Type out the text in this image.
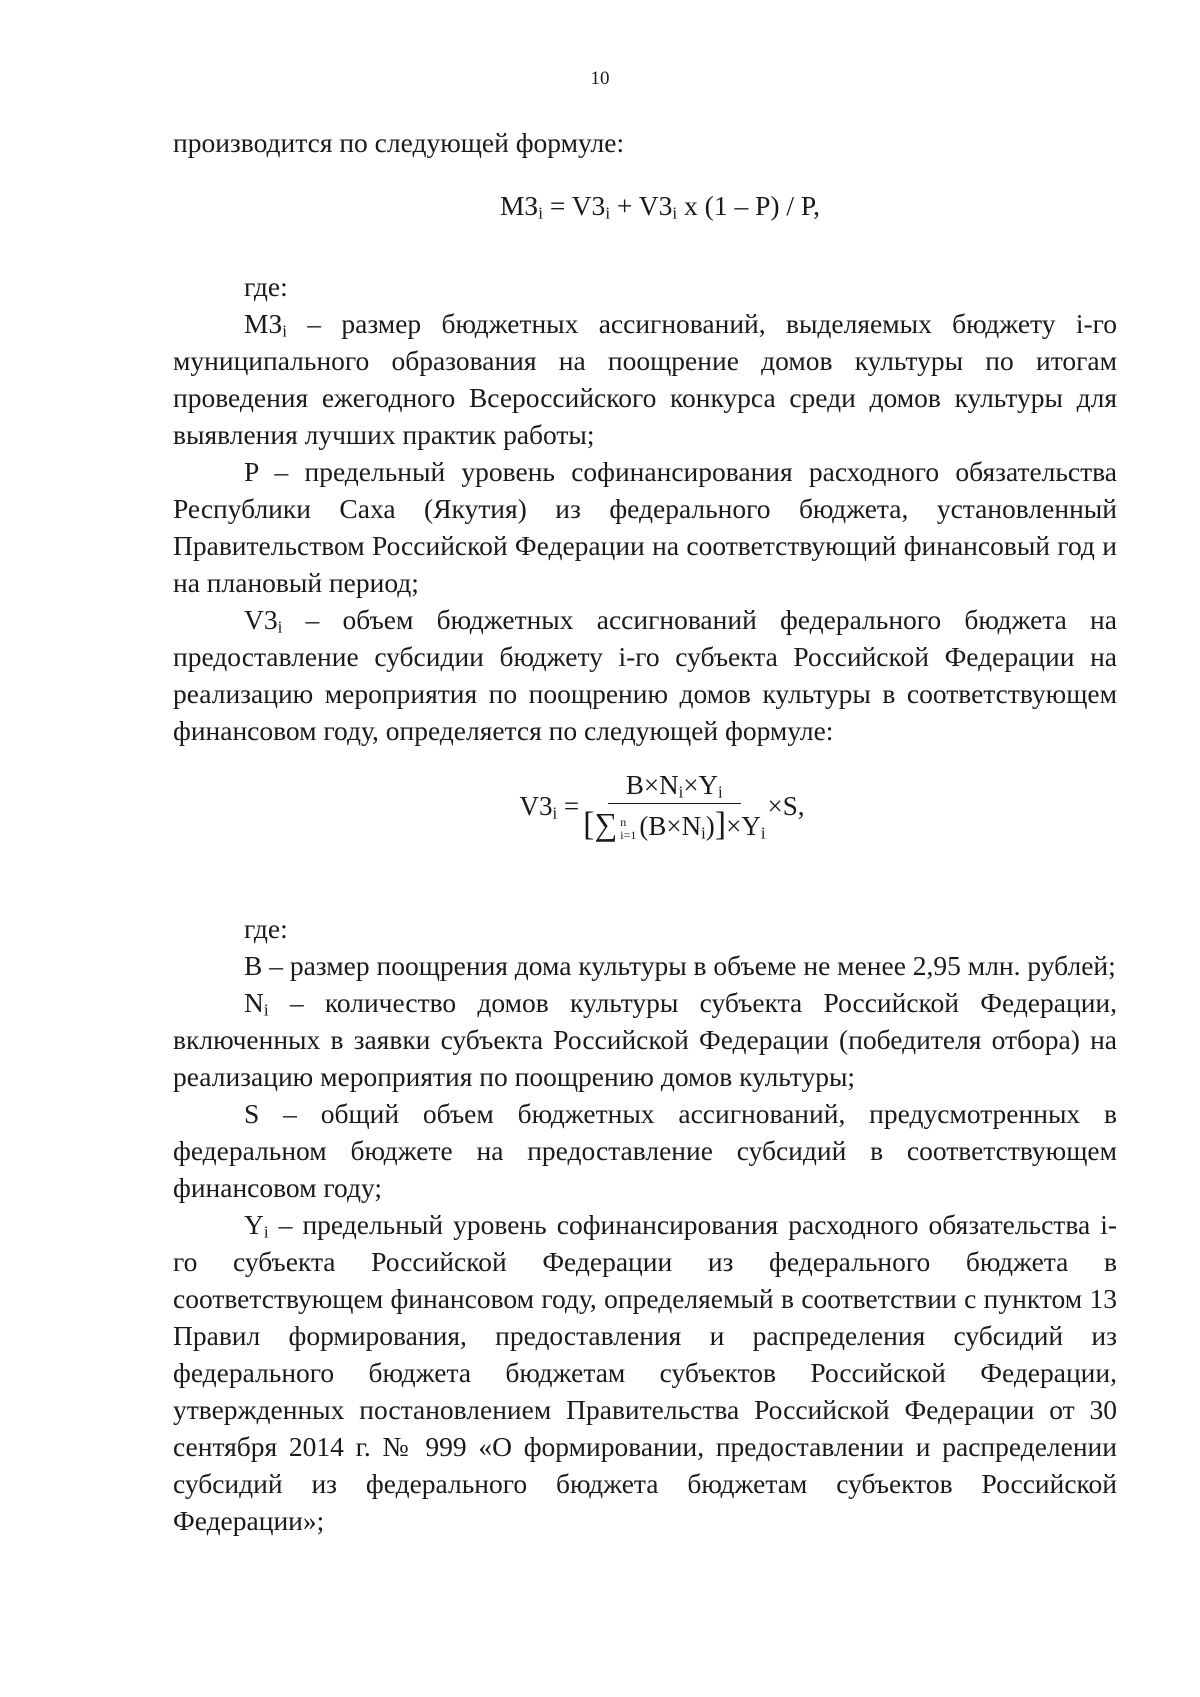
10

производится по следующей формуле:

$МЗ_i = V3_i + V3_i$ x (1 – P) / P,

где:

$МЗ_i$ – размер бюджетных ассигнований, выделяемых бюджету i-го муниципального образования на поощрение домов культуры по итогам проведения ежегодного Всероссийского конкурса среди домов культуры для выявления лучших практик работы;

P – предельный уровень софинансирования расходного обязательства Республики Саха (Якутия) из федерального бюджета, установленный Правительством Российской Федерации на соответствующий финансовый год и на плановый период;

$V3_i$ – объем бюджетных ассигнований федерального бюджета на предоставление субсидии бюджету i-го субъекта Российской Федерации на реализацию мероприятия по поощрению домов культуры в соответствующем финансовом году, определяется по следующей формуле:

$V3_i = B\times N_i\times Y_i$
[∑ n
i=1 $(B\times N_i)]\times Y_i \times S$,

где:

B – размер поощрения дома культуры в объеме не менее 2,95 млн. рублей;

$N_i$ – количество домов культуры субъекта Российской Федерации, включенных в заявки субъекта Российской Федерации (победителя отбора) на реализацию мероприятия по поощрению домов культуры;

S – общий объем бюджетных ассигнований, предусмотренных в федеральном бюджете на предоставление субсидий в соответствующем финансовом году;

$Y_i$ – предельный уровень софинансирования расходного обязательства i-го субъекта Российской Федерации из федерального бюджета в соответствующем финансовом году, определяемый в соответствии с пунктом 13 Правил формирования, предоставления и распределения субсидий из федерального бюджета бюджетам субъектов Российской Федерации, утвержденных постановлением Правительства Российской Федерации от 30 сентября 2014 г. № 999 «О формировании, предоставлении и распределении субсидий из федерального бюджета бюджетам субъектов Российской Федерации»;
